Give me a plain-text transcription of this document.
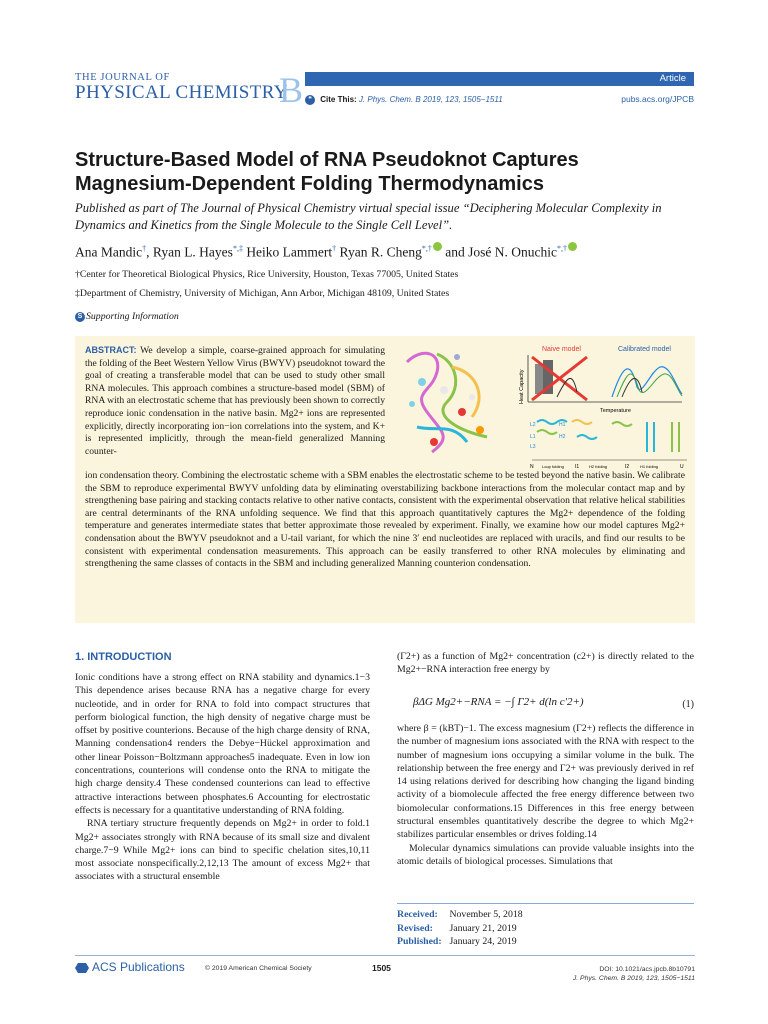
THE JOURNAL OF
PHYSICAL CHEMISTRY
B	Article
❝ Cite This: J. Phys. Chem. B 2019, 123, 1505−1511	pubs.acs.org/JPCB
Structure-Based Model of RNA Pseudoknot Captures Magnesium-Dependent Folding Thermodynamics
Published as part of The Journal of Physical Chemistry virtual special issue “Deciphering Molecular Complexity in Dynamics and Kinetics from the Single Molecule to the Single Cell Level”.
Ana Mandic†, Ryan L. Hayes*,‡ Heiko Lammert† Ryan R. Cheng*,† and José N. Onuchic*,†
†Center for Theoretical Biological Physics, Rice University, Houston, Texas 77005, United States
‡Department of Chemistry, University of Michigan, Ann Arbor, Michigan 48109, United States
S Supporting Information
ABSTRACT: We develop a simple, coarse-grained approach for simulating the folding of the Beet Western Yellow Virus (BWYV) pseudoknot toward the goal of creating a transferable model that can be used to study other small RNA molecules. This approach combines a structure-based model (SBM) of RNA with an electrostatic scheme that has previously been shown to correctly reproduce ionic condensation in the native basin. Mg2+ ions are represented explicitly, directly incorporating ion−ion correlations into the system, and K+ is represented implicitly, through the mean-field generalized Manning counter-
ion condensation theory. Combining the electrostatic scheme with a SBM enables the electrostatic scheme to be tested beyond the native basin. We calibrate the SBM to reproduce experimental BWYV unfolding data by eliminating overstabilizing backbone interactions from the molecular contact map and by strengthening base pairing and stacking contacts relative to other native contacts, consistent with the experimental observation that relative helical stabilities are central determinants of the RNA unfolding sequence. We find that this approach quantitatively captures the Mg2+ dependence of the folding temperature and generates intermediate states that better approximate those revealed by experiment. Finally, we examine how our model captures Mg2+ condensation about the BWYV pseudoknot and a U-tail variant, for which the nine 3′ end nucleotides are replaced with uracils, and find our results to be consistent with experimental condensation measurements. This approach can be easily transferred to other RNA molecules by eliminating and strengthening the same classes of contacts in the SBM and including generalized Manning counterion condensation.
Naive model	Calibrated model
Heat Capacity
Temperature
L2	H1
H2
L1
L3
N Loop folding I1 H2 folding	I2	H1 folding	U
1. INTRODUCTION

Ionic conditions have a strong effect on RNA stability and dynamics.1−3 This dependence arises because RNA has a negative charge for every nucleotide, and in order for RNA to fold into compact structures that perform biological function, the high density of negative charge must be offset by positive counterions. Because of the high charge density of RNA, Manning condensation4 renders the Debye−Hückel approximation and other linear Poisson−Boltzmann approaches5 inadequate. Even in low ion concentrations, counterions will condense onto the RNA to mitigate the high charge density.4 These condensed counterions can lead to effective attractive interactions between phosphates.6 Accounting for electrostatic effects is necessary for a quantitative understanding of RNA folding.

RNA tertiary structure frequently depends on Mg2+ in order to fold.1 Mg2+ associates strongly with RNA because of its small size and divalent charge.7−9 While Mg2+ ions can bind to specific chelation sites,10,11 most associate nonspecifically.2,12,13 The amount of excess Mg2+ that associates with a structural ensemble

(Γ2+) as a function of Mg2+ concentration (c2+) is directly related to the Mg2+−RNA interaction free energy by

βΔG Mg2+−RNA = −∫ Γ2+ d(ln c′2+)	(1)

where β = (kBT)−1. The excess magnesium (Γ2+) reflects the difference in the number of magnesium ions associated with the RNA with respect to the number of magnesium ions occupying a similar volume in the bulk. The relationship between the free energy and Γ2+ was previously derived in ref 14 using relations derived for describing how changing the ligand binding activity of a biomolecule affected the free energy difference between two biomolecular conformations.15 Differences in this free energy between structural ensembles quantitatively describe the degree to which Mg2+ stabilizes particular ensembles or drives folding.14

Molecular dynamics simulations can provide valuable insights into the atomic details of biological processes. Simulations that

Received: November 5, 2018
Revised: January 21, 2019
Published: January 24, 2019
ACS Publications	© 2019 American Chemical Society	1505	DOI: 10.1021/acs.jpcb.8b10791
J. Phys. Chem. B 2019, 123, 1505−1511
